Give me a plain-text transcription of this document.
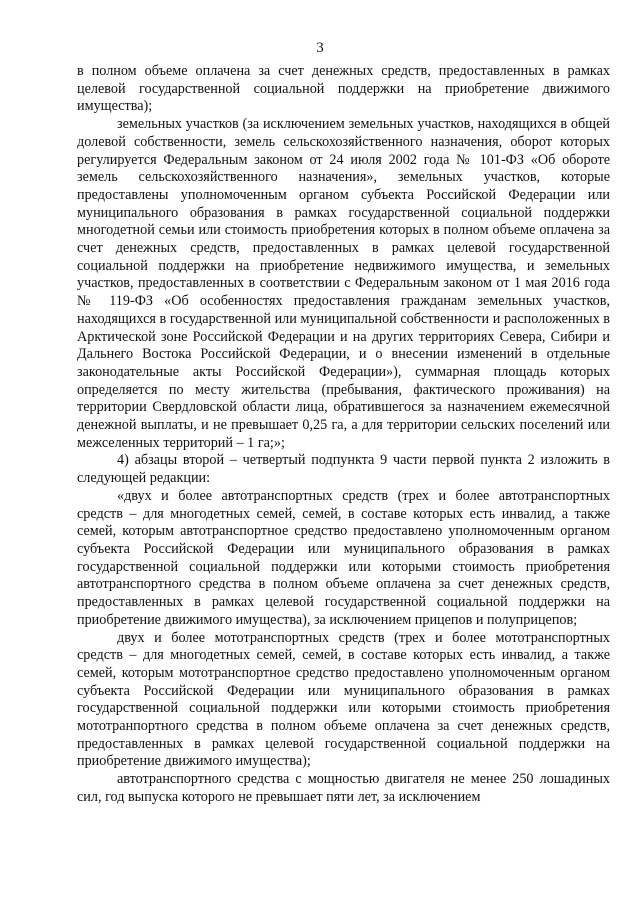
3

в полном объеме оплачена за счет денежных средств, предоставленных в рамках целевой государственной социальной поддержки на приобретение движимого имущества);

земельных участков (за исключением земельных участков, находящихся в общей долевой собственности, земель сельскохозяйственного назначения, оборот которых регулируется Федеральным законом от 24 июля 2002 года № 101-ФЗ «Об обороте земель сельскохозяйственного назначения», земельных участков, которые предоставлены уполномоченным органом субъекта Российской Федерации или муниципального образования в рамках государственной социальной поддержки многодетной семьи или стоимость приобретения которых в полном объеме оплачена за счет денежных средств, предоставленных в рамках целевой государственной социальной поддержки на приобретение недвижимого имущества, и земельных участков, предоставленных в соответствии с Федеральным законом от 1 мая 2016 года № 119-ФЗ «Об особенностях предоставления гражданам земельных участков, находящихся в государственной или муниципальной собственности и расположенных в Арктической зоне Российской Федерации и на других территориях Севера, Сибири и Дальнего Востока Российской Федерации, и о внесении изменений в отдельные законодательные акты Российской Федерации»), суммарная площадь которых определяется по месту жительства (пребывания, фактического проживания) на территории Свердловской области лица, обратившегося за назначением ежемесячной денежной выплаты, и не превышает 0,25 га, а для территории сельских поселений или межселенных территорий – 1 га;»;

4) абзацы второй – четвертый подпункта 9 части первой пункта 2 изложить в следующей редакции:

«двух и более автотранспортных средств (трех и более автотранспортных средств – для многодетных семей, семей, в составе которых есть инвалид, а также семей, которым автотранспортное средство предоставлено уполномоченным органом субъекта Российской Федерации или муниципального образования в рамках государственной социальной поддержки или которыми стоимость приобретения автотранспортного средства в полном объеме оплачена за счет денежных средств, предоставленных в рамках целевой государственной социальной поддержки на приобретение движимого имущества), за исключением прицепов и полуприцепов;

двух и более мототранспортных средств (трех и более мототранспортных средств – для многодетных семей, семей, в составе которых есть инвалид, а также семей, которым мототранспортное средство предоставлено уполномоченным органом субъекта Российской Федерации или муниципального образования в рамках государственной социальной поддержки или которыми стоимость приобретения мототранпортного средства в полном объеме оплачена за счет денежных средств, предоставленных в рамках целевой государственной социальной поддержки на приобретение движимого имущества);

автотранспортного средства с мощностью двигателя не менее 250 лошадиных сил, год выпуска которого не превышает пяти лет, за исключением
